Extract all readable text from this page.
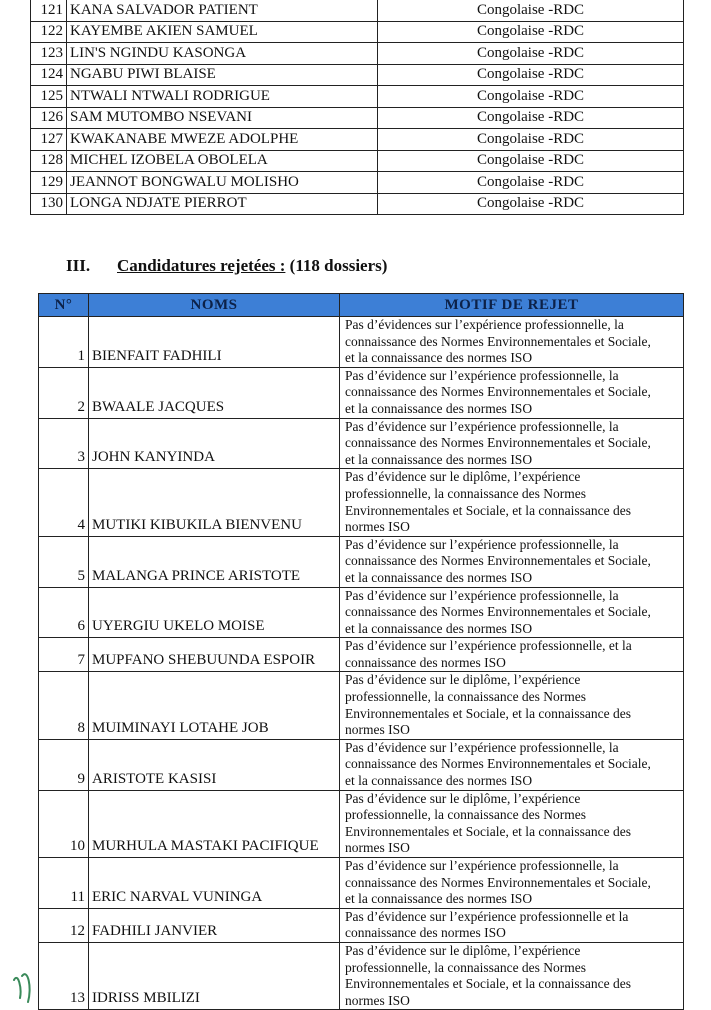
121	KANA SALVADOR PATIENT	Congolaise -RDC
122	KAYEMBE AKIEN SAMUEL	Congolaise -RDC
123	LIN'S NGINDU KASONGA	Congolaise -RDC
124	NGABU PIWI BLAISE	Congolaise -RDC
125	NTWALI NTWALI RODRIGUE	Congolaise -RDC
126	SAM MUTOMBO NSEVANI	Congolaise -RDC
127	KWAKANABE MWEZE ADOLPHE	Congolaise -RDC
128	MICHEL IZOBELA OBOLELA	Congolaise -RDC
129	JEANNOT BONGWALU MOLISHO	Congolaise -RDC
130	LONGA NDJATE PIERROT	Congolaise -RDC
III. Candidatures rejetées : (118 dossiers)
N°	NOMS	MOTIF DE REJET
1	BIENFAIT FADHILI	Pas d’évidences sur l’expérience professionnelle, la
connaissance des Normes Environnementales et Sociale,
et la connaissance des normes ISO

2	BWAALE JACQUES	Pas d’évidence sur l’expérience professionnelle, la
connaissance des Normes Environnementales et Sociale,
et la connaissance des normes ISO

3	JOHN KANYINDA	Pas d’évidence sur l’expérience professionnelle, la
connaissance des Normes Environnementales et Sociale,
et la connaissance des normes ISO

4	MUTIKI KIBUKILA BIENVENU	Pas d’évidence sur le diplôme, l’expérience
professionnelle, la connaissance des Normes
Environnementales et Sociale, et la connaissance des
normes ISO

5	MALANGA PRINCE ARISTOTE	Pas d’évidence sur l’expérience professionnelle, la
connaissance des Normes Environnementales et Sociale,
et la connaissance des normes ISO

6	UYERGIU UKELO MOISE	Pas d’évidence sur l’expérience professionnelle, la
connaissance des Normes Environnementales et Sociale,
et la connaissance des normes ISO

7	MUPFANO SHEBUUNDA ESPOIR	Pas d’évidence sur l’expérience professionnelle, et la
connaissance des normes ISO

8	MUIMINAYI LOTAHE JOB	Pas d’évidence sur le diplôme, l’expérience
professionnelle, la connaissance des Normes
Environnementales et Sociale, et la connaissance des
normes ISO

9	ARISTOTE KASISI	Pas d’évidence sur l’expérience professionnelle, la
connaissance des Normes Environnementales et Sociale,
et la connaissance des normes ISO

10	MURHULA MASTAKI PACIFIQUE	Pas d’évidence sur le diplôme, l’expérience
professionnelle, la connaissance des Normes
Environnementales et Sociale, et la connaissance des
normes ISO

11	ERIC NARVAL VUNINGA	Pas d’évidence sur l’expérience professionnelle, la
connaissance des Normes Environnementales et Sociale,
et la connaissance des normes ISO

12	FADHILI JANVIER	Pas d’évidence sur l’expérience professionnelle et la
connaissance des normes ISO

13	IDRISS MBILIZI	Pas d’évidence sur le diplôme, l’expérience
professionnelle, la connaissance des Normes
Environnementales et Sociale, et la connaissance des
normes ISO
